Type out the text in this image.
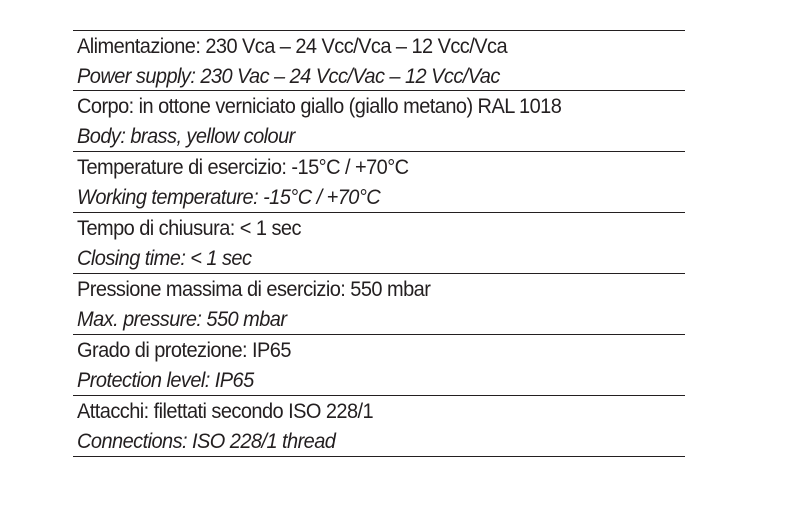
Alimentazione: 230 Vca – 24 Vcc/Vca – 12 Vcc/Vca
Power supply: 230 Vac – 24 Vcc/Vac – 12 Vcc/Vac
Corpo: in ottone verniciato giallo (giallo metano) RAL 1018
Body: brass, yellow colour
Temperature di esercizio: -15°C / +70°C
Working temperature: -15°C / +70°C
Tempo di chiusura: < 1 sec
Closing time: < 1 sec
Pressione massima di esercizio: 550 mbar
Max. pressure: 550 mbar
Grado di protezione: IP65
Protection level: IP65
Attacchi: filettati secondo ISO 228/1
Connections: ISO 228/1 thread
